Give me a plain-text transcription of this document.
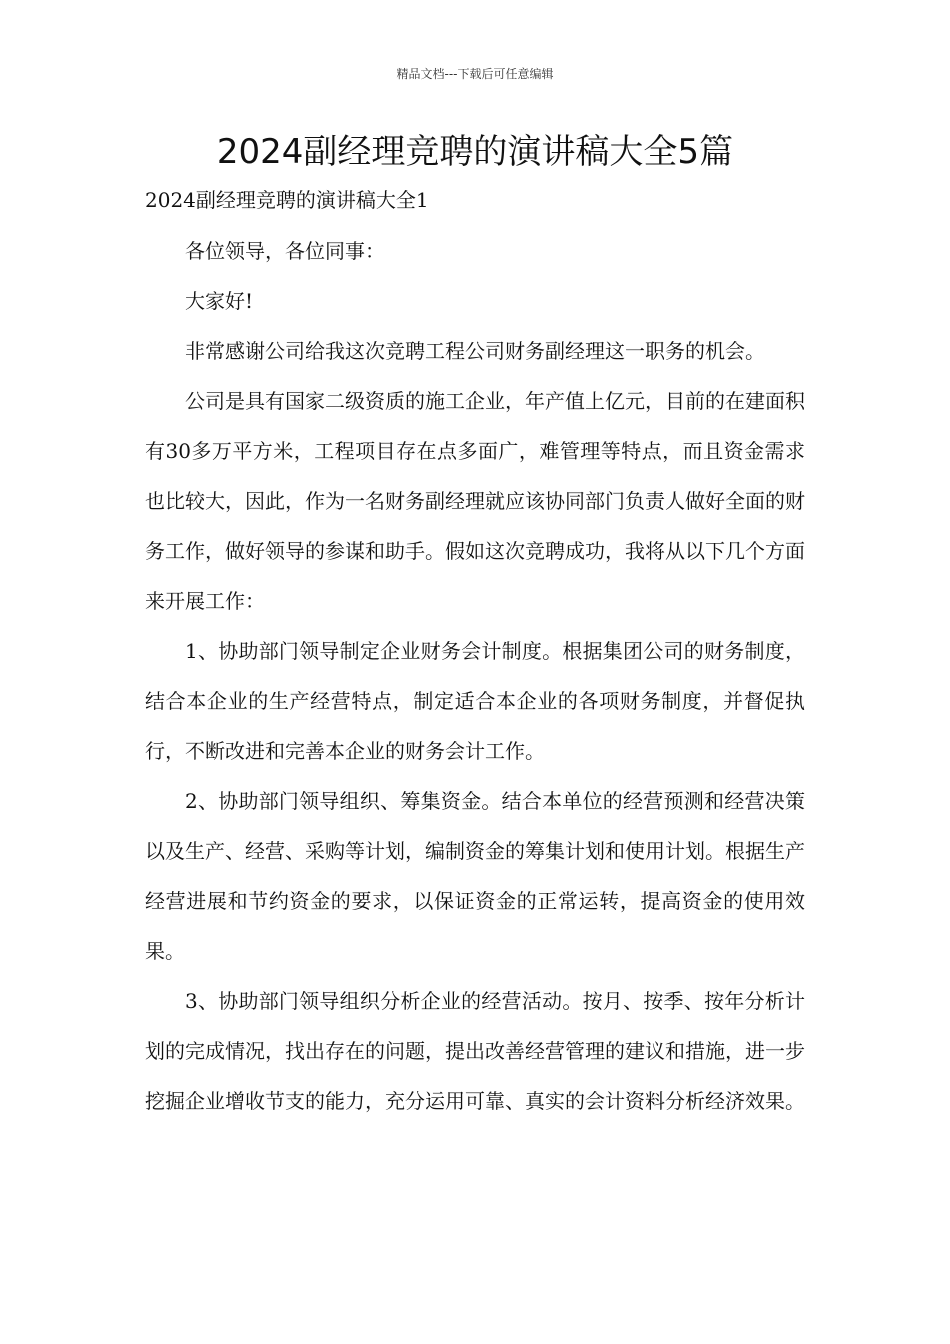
精品文档---下载后可任意编辑
2024副经理竞聘的演讲稿大全5篇
2024副经理竞聘的演讲稿大全1

各位领导，各位同事：

大家好!

非常感谢公司给我这次竞聘工程公司财务副经理这一职务的机会。

公司是具有国家二级资质的施工企业，年产值上亿元，目前的在建面积有30多万平方米，工程项目存在点多面广，难管理等特点，而且资金需求也比较大，因此，作为一名财务副经理就应该协同部门负责人做好全面的财务工作，做好领导的参谋和助手。假如这次竞聘成功，我将从以下几个方面来开展工作：

1、协助部门领导制定企业财务会计制度。根据集团公司的财务制度，结合本企业的生产经营特点，制定适合本企业的各项财务制度，并督促执行，不断改进和完善本企业的财务会计工作。

2、协助部门领导组织、筹集资金。结合本单位的经营预测和经营决策以及生产、经营、采购等计划，编制资金的筹集计划和使用计划。根据生产经营进展和节约资金的要求，以保证资金的正常运转，提高资金的使用效果。

3、协助部门领导组织分析企业的经营活动。按月、按季、按年分析计划的完成情况，找出存在的问题，提出改善经营管理的建议和措施，进一步挖掘企业增收节支的能力，充分运用可靠、真实的会计资料分析经济效果。
